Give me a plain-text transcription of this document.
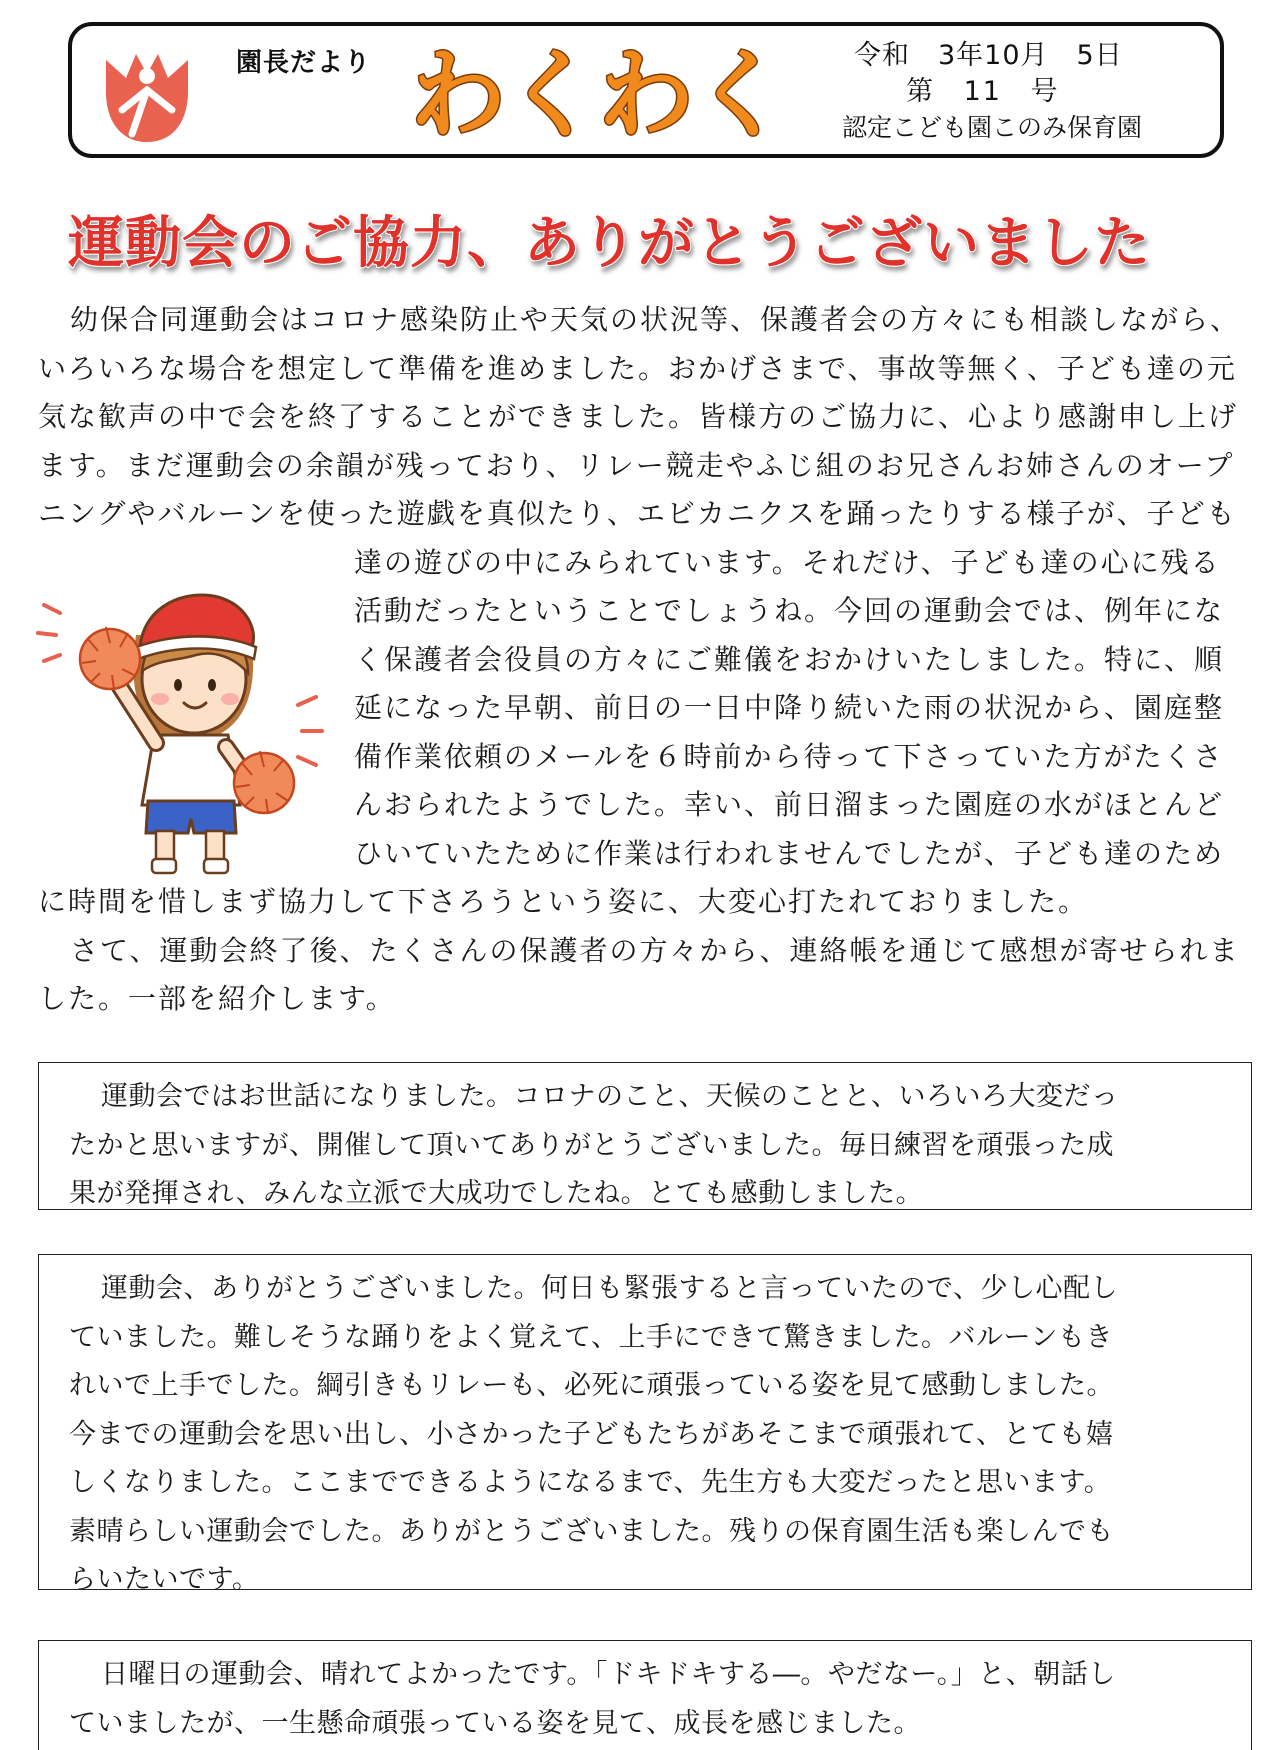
園長だより わくわく	令和　3年10月　5日
第 11 号
認定こども園このみ保育園
運動会のご協力、ありがとうございました

幼保合同運動会はコロナ感染防止や天気の状況等、保護者会の方々にも相談しながら、
いろいろな場合を想定して準備を進めました。おかげさまで、事故等無く、子ども達の元
気な歓声の中で会を終了することができました。皆様方のご協力に、心より感謝申し上げ
ます。まだ運動会の余韻が残っており、リレー競走やふじ組のお兄さんお姉さんのオープ
ニングやバルーンを使った遊戯を真似たり、エビカニクスを踊ったりする様子が、子ども
達の遊びの中にみられています。それだけ、子ども達の心に残る
活動だったということでしょうね。今回の運動会では、例年にな
く保護者会役員の方々にご難儀をおかけいたしました。特に、順
延になった早朝、前日の一日中降り続いた雨の状況から、園庭整
備作業依頼のメールを６時前から待って下さっていた方がたくさ
んおられたようでした。幸い、前日溜まった園庭の水がほとんど
ひいていたために作業は行われませんでしたが、子ども達のため
に時間を惜しまず協力して下さろうという姿に、大変心打たれておりました。

さて、運動会終了後、たくさんの保護者の方々から、連絡帳を通じて感想が寄せられま
した。一部を紹介します。

運動会ではお世話になりました。コロナのこと、天候のことと、いろいろ大変だっ
たかと思いますが、開催して頂いてありがとうございました。毎日練習を頑張った成
果が発揮され、みんな立派で大成功でしたね。とても感動しました。
運動会、ありがとうございました。何日も緊張すると言っていたので、少し心配し
ていました。難しそうな踊りをよく覚えて、上手にできて驚きました。バルーンもき
れいで上手でした。綱引きもリレーも、必死に頑張っている姿を見て感動しました。
今までの運動会を思い出し、小さかった子どもたちがあそこまで頑張れて、とても嬉
しくなりました。ここまでできるようになるまで、先生方も大変だったと思います。
素晴らしい運動会でした。ありがとうございました。残りの保育園生活も楽しんでも
らいたいです。
日曜日の運動会、晴れてよかったです。「ドキドキする―。やだなー。」と、朝話し
ていましたが、一生懸命頑張っている姿を見て、成長を感じました。
